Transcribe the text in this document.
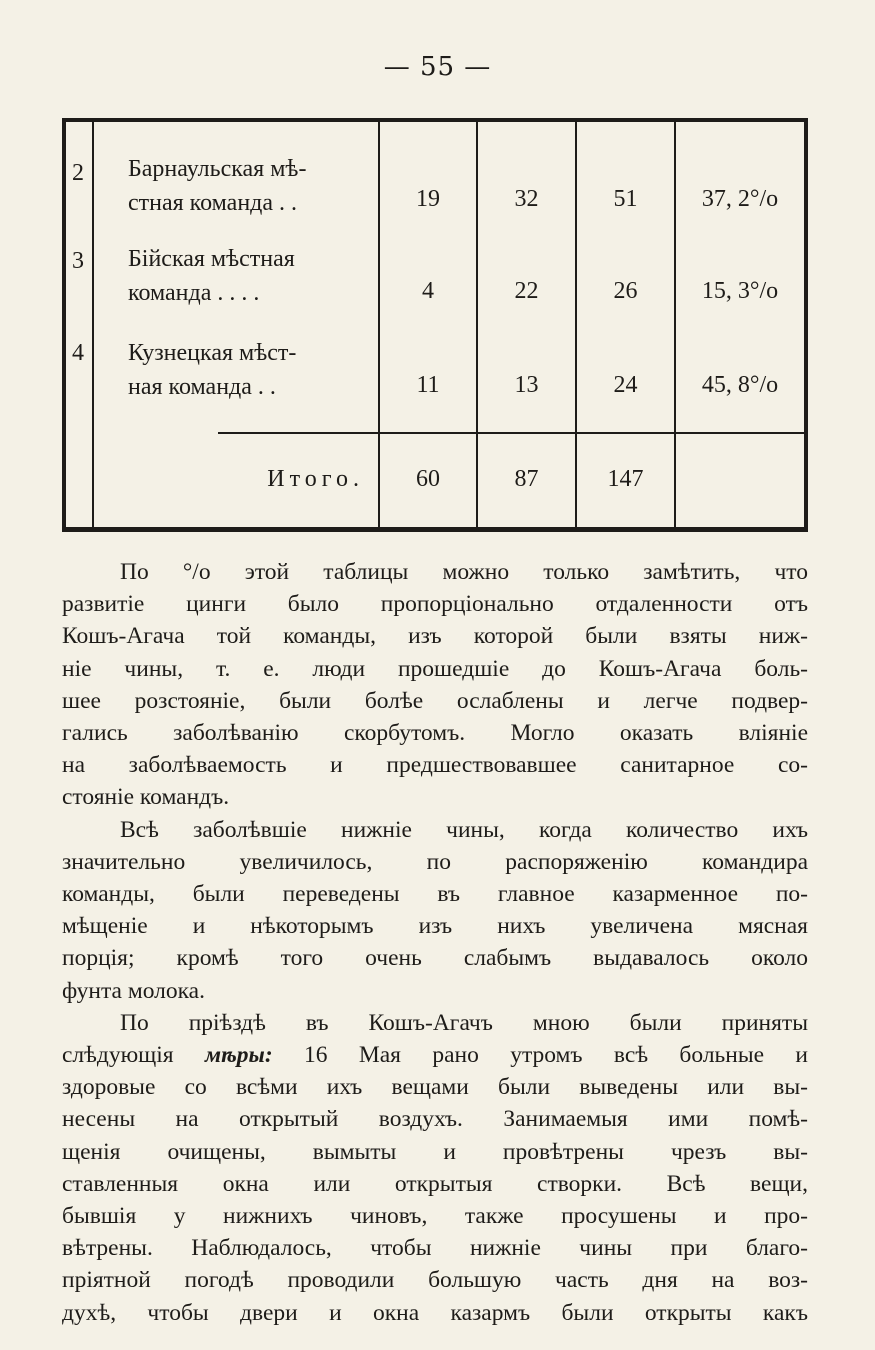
— 55 —
2 Барнаульская мѣ-
стная команда . .	19	32	51	37, 2°/o
3 Бійская мѣстная
команда . . . .	4	22	26	15, 3°/o
4 Кузнецкая мѣст-
ная команда . .	11	13	24	45, 8°/o
Итого.	60	87	147

По °/o этой таблицы можно только замѣтить, что

развитіе цинги было пропорціонально отдаленности отъ

Кошъ-Агача той команды, изъ которой были взяты ниж-

ніе чины, т. е. люди прошедшіе до Кошъ-Агача боль-

шее розстояніе, были болѣе ослаблены и легче подвер-

гались заболѣванію скорбутомъ. Могло оказать вліяніе

на заболѣваемость и предшествовавшее санитарное со-

стояніе командъ.

Всѣ заболѣвшіе нижніе чины, когда количество ихъ

значительно увеличилось, по распоряженію командира

команды, были переведены въ главное казарменное по-

мѣщеніе и нѣкоторымъ изъ нихъ увеличена мясная

порція; кромѣ того очень слабымъ выдавалось около

фунта молока.

По пріѣздѣ въ Кошъ-Агачъ мною были приняты

слѣдующія мѣры: 16 Мая рано утромъ всѣ больные и

здоровые со всѣми ихъ вещами были выведены или вы-

несены на открытый воздухъ. Занимаемыя ими помѣ-

щенія очищены, вымыты и провѣтрены чрезъ вы-

ставленныя окна или открытыя створки. Всѣ вещи,

бывшія у нижнихъ чиновъ, также просушены и про-

вѣтрены. Наблюдалось, чтобы нижніе чины при благо-

пріятной погодѣ проводили большую часть дня на воз-

духѣ, чтобы двери и окна казармъ были открыты какъ
